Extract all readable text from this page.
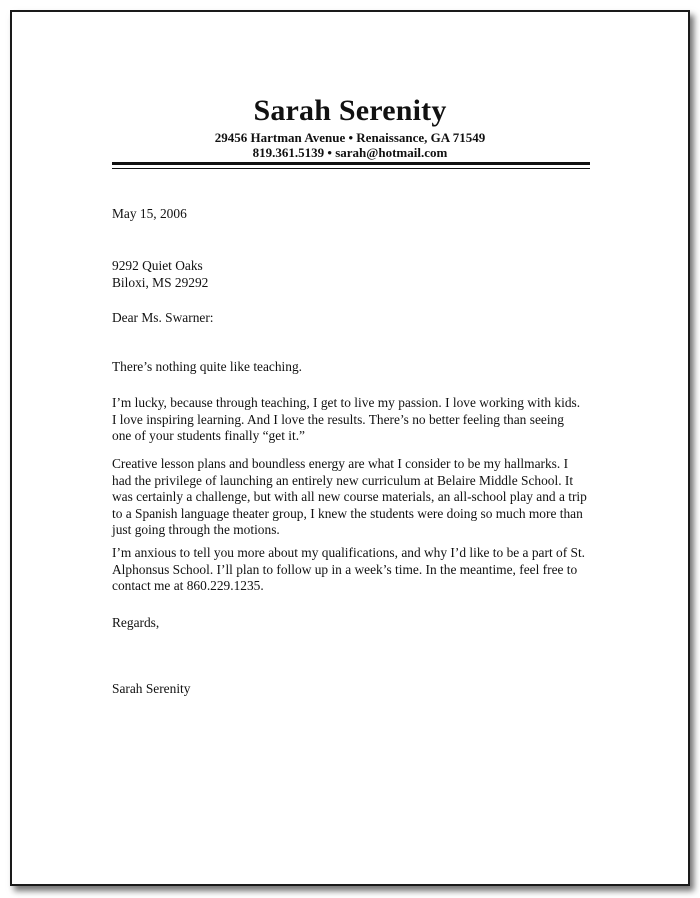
Sarah Serenity
29456 Hartman Avenue • Renaissance, GA 71549
819.361.5139 • sarah@hotmail.com
May 15, 2006
9292 Quiet Oaks
Biloxi, MS 29292
Dear Ms. Swarner:
There’s nothing quite like teaching.
I’m lucky, because through teaching, I get to live my passion. I love working with kids.
I love inspiring learning. And I love the results. There’s no better feeling than seeing
one of your students finally “get it.”
Creative lesson plans and boundless energy are what I consider to be my hallmarks. I
had the privilege of launching an entirely new curriculum at Belaire Middle School. It
was certainly a challenge, but with all new course materials, an all-school play and a trip
to a Spanish language theater group, I knew the students were doing so much more than
just going through the motions.
I’m anxious to tell you more about my qualifications, and why I’d like to be a part of St.
Alphonsus School. I’ll plan to follow up in a week’s time. In the meantime, feel free to
contact me at 860.229.1235.
Regards,
Sarah Serenity
